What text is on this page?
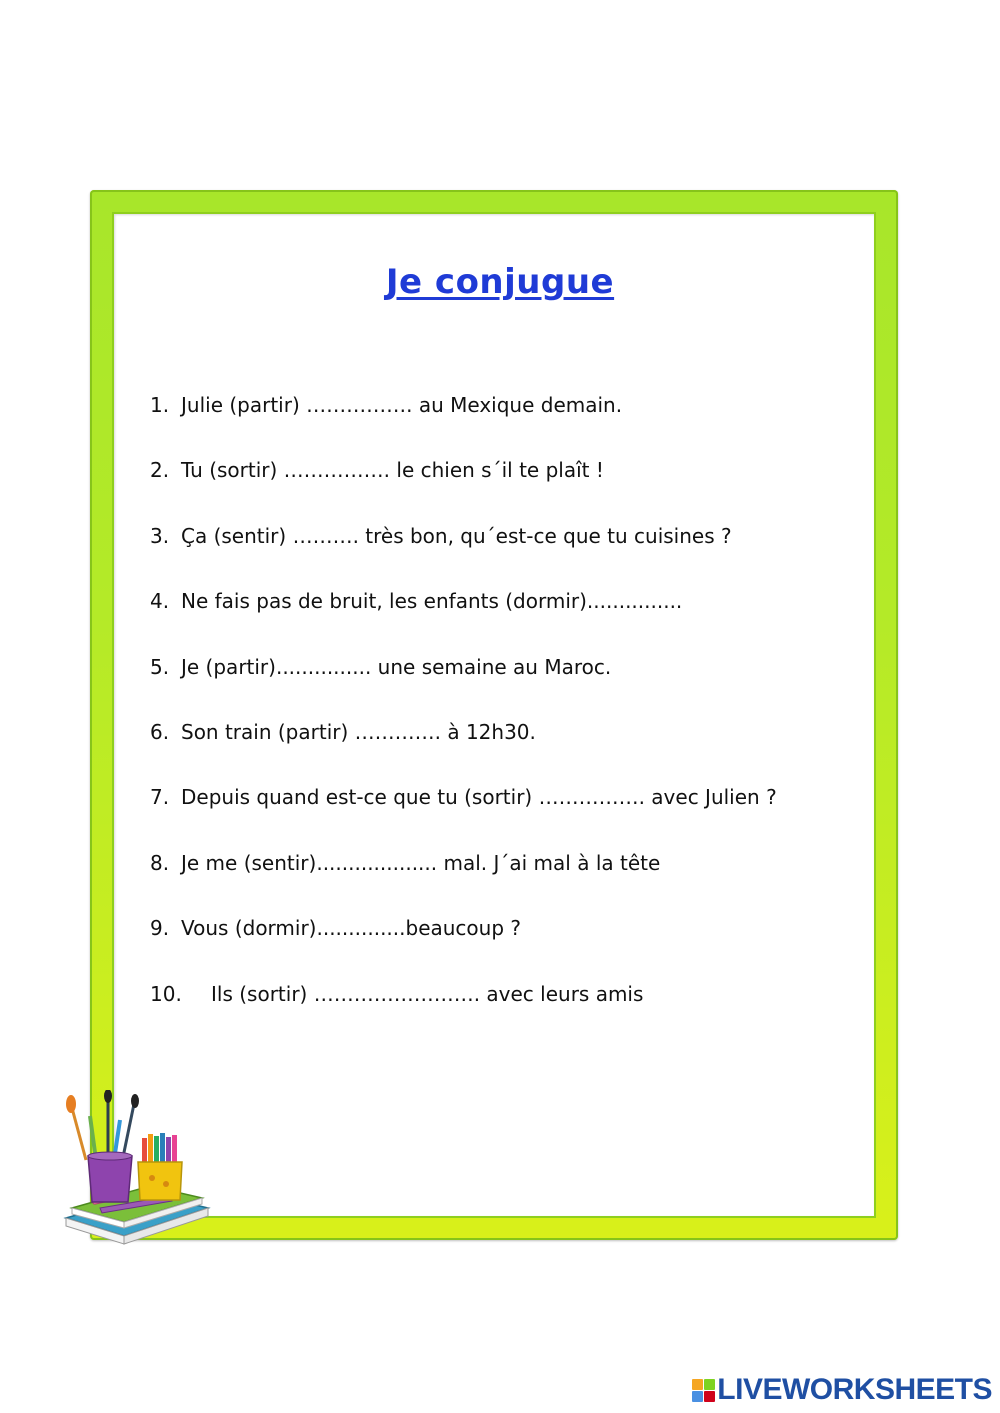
Je conjugue
1. Julie (partir) ……………. au Mexique demain.
2. Tu (sortir) ……………. le chien s´il te plaît !
3. Ça (sentir) ………. très bon, qu´est-ce que tu cuisines ?
4. Ne fais pas de bruit, les enfants (dormir)...............
5. Je (partir)............... une semaine au Maroc.
6. Son train (partir) …………. à 12h30.
7. Depuis quand est-ce que tu (sortir) ……………. avec Julien ?
8. Je me (sentir)................... mal. J´ai mal à la tête
9. Vous (dormir)..............beaucoup ?
10.	Ils (sortir) ……………………. avec leurs amis
LIVEWORKSHEETS
